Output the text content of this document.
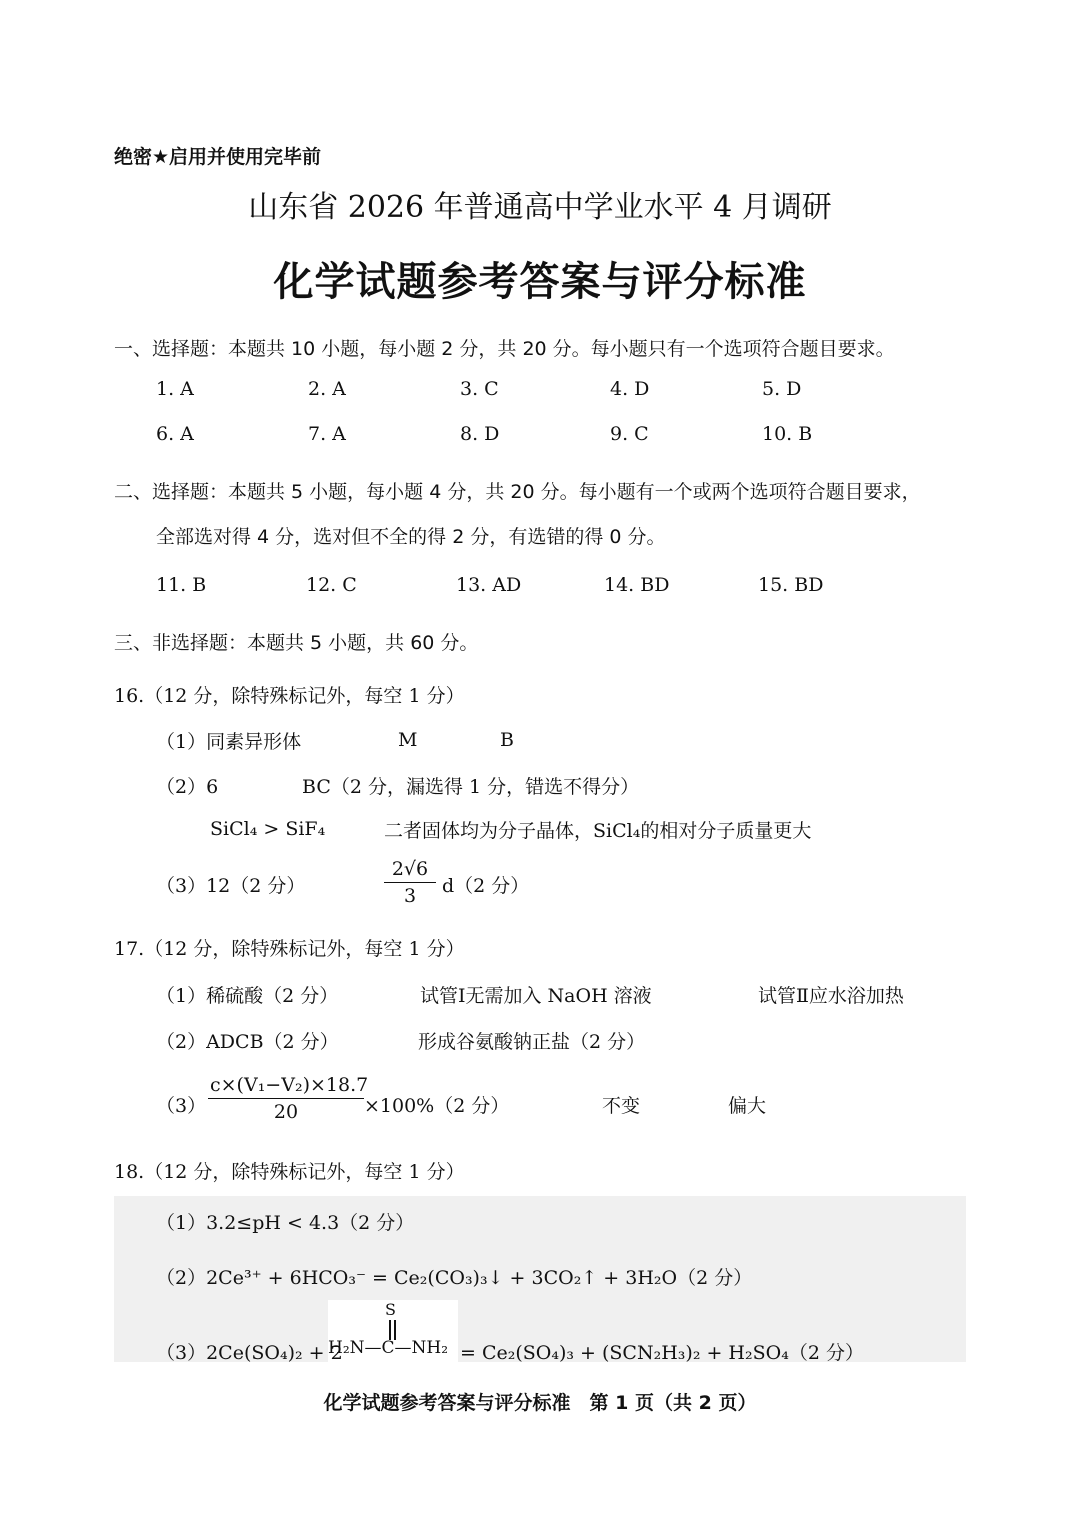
绝密★启用并使用完毕前
山东省 2026 年普通高中学业水平 4 月调研
化学试题参考答案与评分标准
一、选择题：本题共 10 小题，每小题 2 分，共 20 分。每小题只有一个选项符合题目要求。
1. A	2. A	3. C	4. D	5. D
6. A	7. A	8. D	9. C	10. B
二、选择题：本题共 5 小题，每小题 4 分，共 20 分。每小题有一个或两个选项符合题目要求，
全部选对得 4 分，选对但不全的得 2 分，有选错的得 0 分。
11. B	12. C	13. AD	14. BD	15. BD
三、非选择题：本题共 5 小题，共 60 分。
16.（12 分，除特殊标记外，每空 1 分）
（1）同素异形体	M	B
（2）6	BC（2 分，漏选得 1 分，错选不得分）
SiCl₄ > SiF₄	二者固体均为分子晶体，SiCl₄的相对分子质量更大
（3）12（2 分）	$\frac{2√6}{3} d(2$ 分）
17.（12 分，除特殊标记外，每空 1 分）
（1）稀硫酸（2 分）	试管Ⅰ无需加入 NaOH 溶液	试管Ⅱ应水浴加热
（2）ADCB（2 分）	形成谷氨酸钠正盐（2 分）
$(3) \frac{\text{c×(V₁−V₂)×18.7}}{20} \times 100\%(2$ 分）	不变	偏大
18.（12 分，除特殊标记外，每空 1 分）
（1）3.2≤pH < 4.3（2 分）
（2）2Ce³⁺ + 6HCO₃⁻ = Ce₂(CO₃)₃↓ + 3CO₂↑ + 3H₂O（2 分）
S
H₂N—C—NH₂
（3）2Ce(SO₄)₂ + 2	= Ce₂(SO₄)₃ + (SCN₂H₃)₂ + H₂SO₄（2 分）
化学试题参考答案与评分标准　第 1 页（共 2 页）
